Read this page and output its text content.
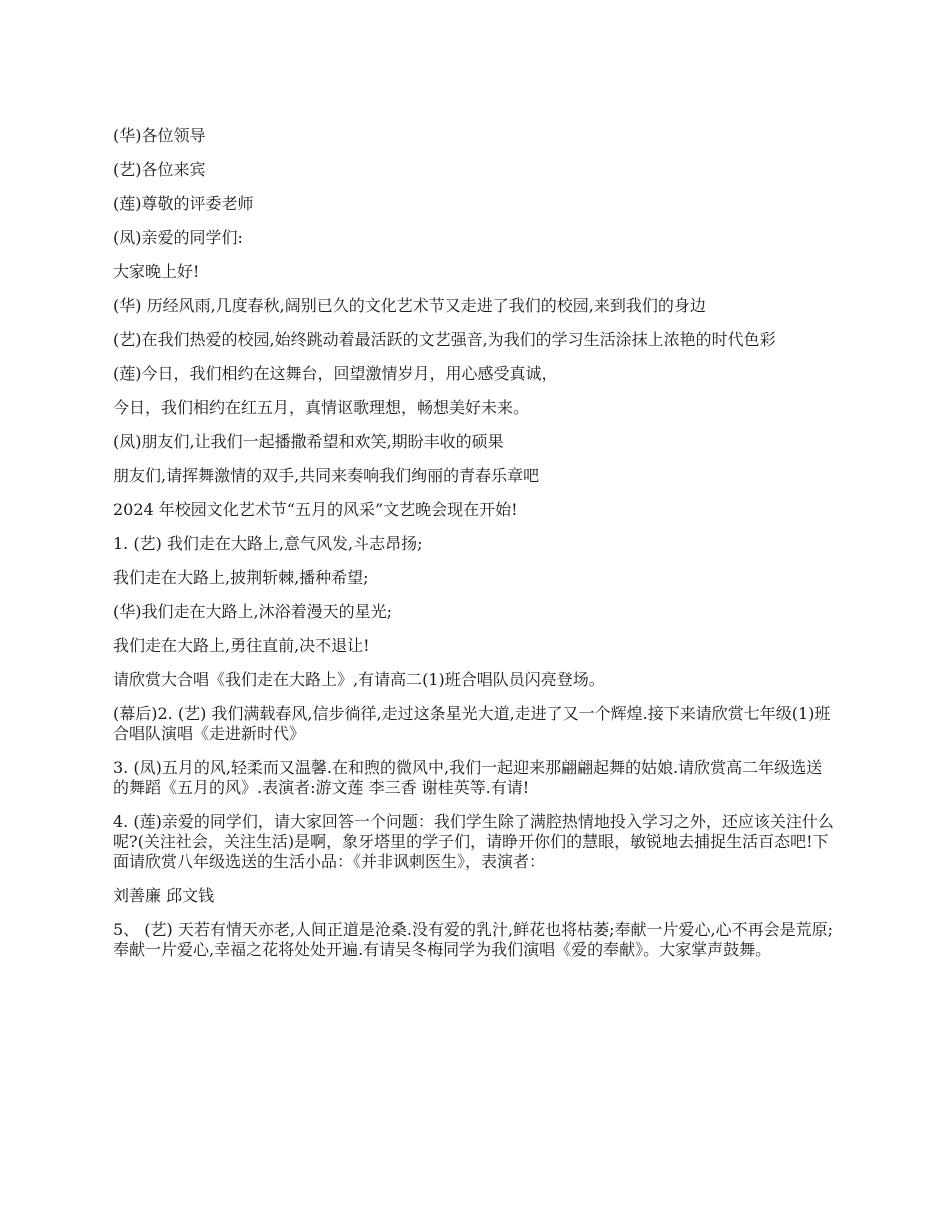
(华)各位领导

(艺)各位来宾

(莲)尊敬的评委老师

(凤)亲爱的同学们:

大家晚上好!

(华) 历经风雨,几度春秋,阔别已久的文化艺术节又走进了我们的校园,来到我们的身边

(艺)在我们热爱的校园,始终跳动着最活跃的文艺强音,为我们的学习生活涂抹上浓艳的时代色彩

(莲)今日，我们相约在这舞台，回望激情岁月，用心感受真诚，

今日，我们相约在红五月，真情讴歌理想，畅想美好未来。

(凤)朋友们,让我们一起播撒希望和欢笑,期盼丰收的硕果

朋友们,请挥舞激情的双手,共同来奏响我们绚丽的青春乐章吧

2024 年校园文化艺术节“五月的风采”文艺晚会现在开始!

1. (艺) 我们走在大路上,意气风发,斗志昂扬;

我们走在大路上,披荆斩棘,播种希望;

(华)我们走在大路上,沐浴着漫天的星光;

我们走在大路上,勇往直前,决不退让!

请欣赏大合唱《我们走在大路上》,有请高二(1)班合唱队员闪亮登场。

(幕后)2. (艺) 我们满载春风,信步徜徉,走过这条星光大道,走进了又一个辉煌.接下来请欣赏七年级(1)班合唱队演唱《走进新时代》

3. (凤)五月的风,轻柔而又温馨.在和煦的微风中,我们一起迎来那翩翩起舞的姑娘.请欣赏高二年级选送的舞蹈《五月的风》.表演者:游文莲 李三香 谢桂英等.有请!

4. (莲)亲爱的同学们，请大家回答一个问题：我们学生除了满腔热情地投入学习之外，还应该关注什么呢?(关注社会，关注生活)是啊，象牙塔里的学子们，请睁开你们的慧眼，敏锐地去捕捉生活百态吧!下面请欣赏八年级选送的生活小品：《并非讽刺医生》，表演者：

刘善廉 邱文钱

5、 (艺) 天若有情天亦老,人间正道是沧桑.没有爱的乳汁,鲜花也将枯萎;奉献一片爱心,心不再会是荒原; 奉献一片爱心,幸福之花将处处开遍.有请吴冬梅同学为我们演唱《爱的奉献》。大家掌声鼓舞。
